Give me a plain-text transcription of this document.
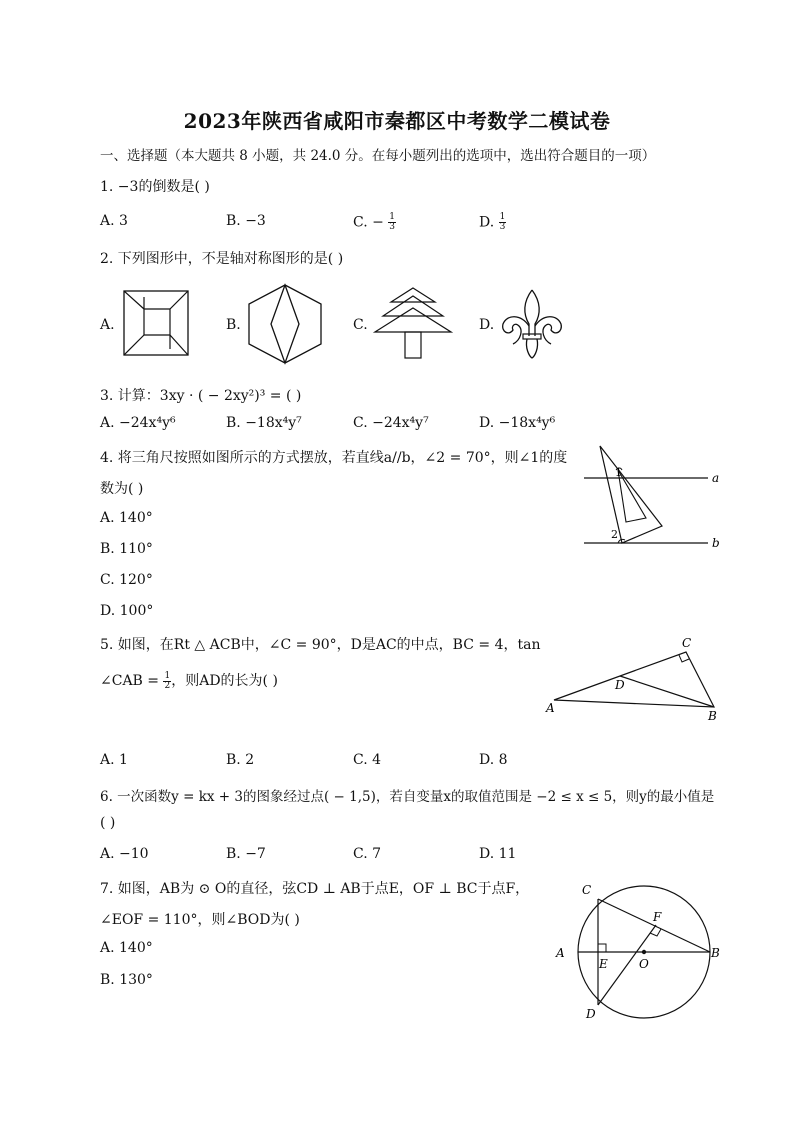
2023年陕西省咸阳市秦都区中考数学二模试卷
一、选择题（本大题共 8 小题，共 24.0 分。在每小题列出的选项中，选出符合题目的一项）
1. −3的倒数是( )
A. 3	B. −3	C. − $\frac{1}{3}$	D. $\frac{1}{3}$
2. 下列图形中，不是轴对称图形的是( )
A.	B.	C.	D.
3. 计算：3xy · ( − 2xy²)³ = ( )
A. −24x⁴y⁶	B. −18x⁴y⁷	C. −24x⁴y⁷	D. −18x⁴y⁶
4. 将三角尺按照如图所示的方式摆放，若直线a//b，∠2 = 70°，则∠1的度
数为( )
A. 140°
B. 110°
C. 120°
D. 100°
a
b
1
2
5. 如图，在Rt △ ACB中，∠C = 90°，D是AC的中点，BC = 4，tan
∠CAB = $\frac{1}{2}$ ，则AD的长为( )
A
B
C
D
A. 1	B. 2	C. 4	D. 8
6. 一次函数y = kx + 3的图象经过点( − 1,5)，若自变量x的取值范围是 −2 ≤ x ≤ 5，则y的最小值是
( )
A. −10	B. −7	C. 7	D. 11
7. 如图，AB为 ⊙ O的直径，弦CD ⊥ AB于点E，OF ⊥ BC于点F，
∠EOF = 110°，则∠BOD为( )
A. 140°
B. 130°
C
A	B
D
E
F
O
